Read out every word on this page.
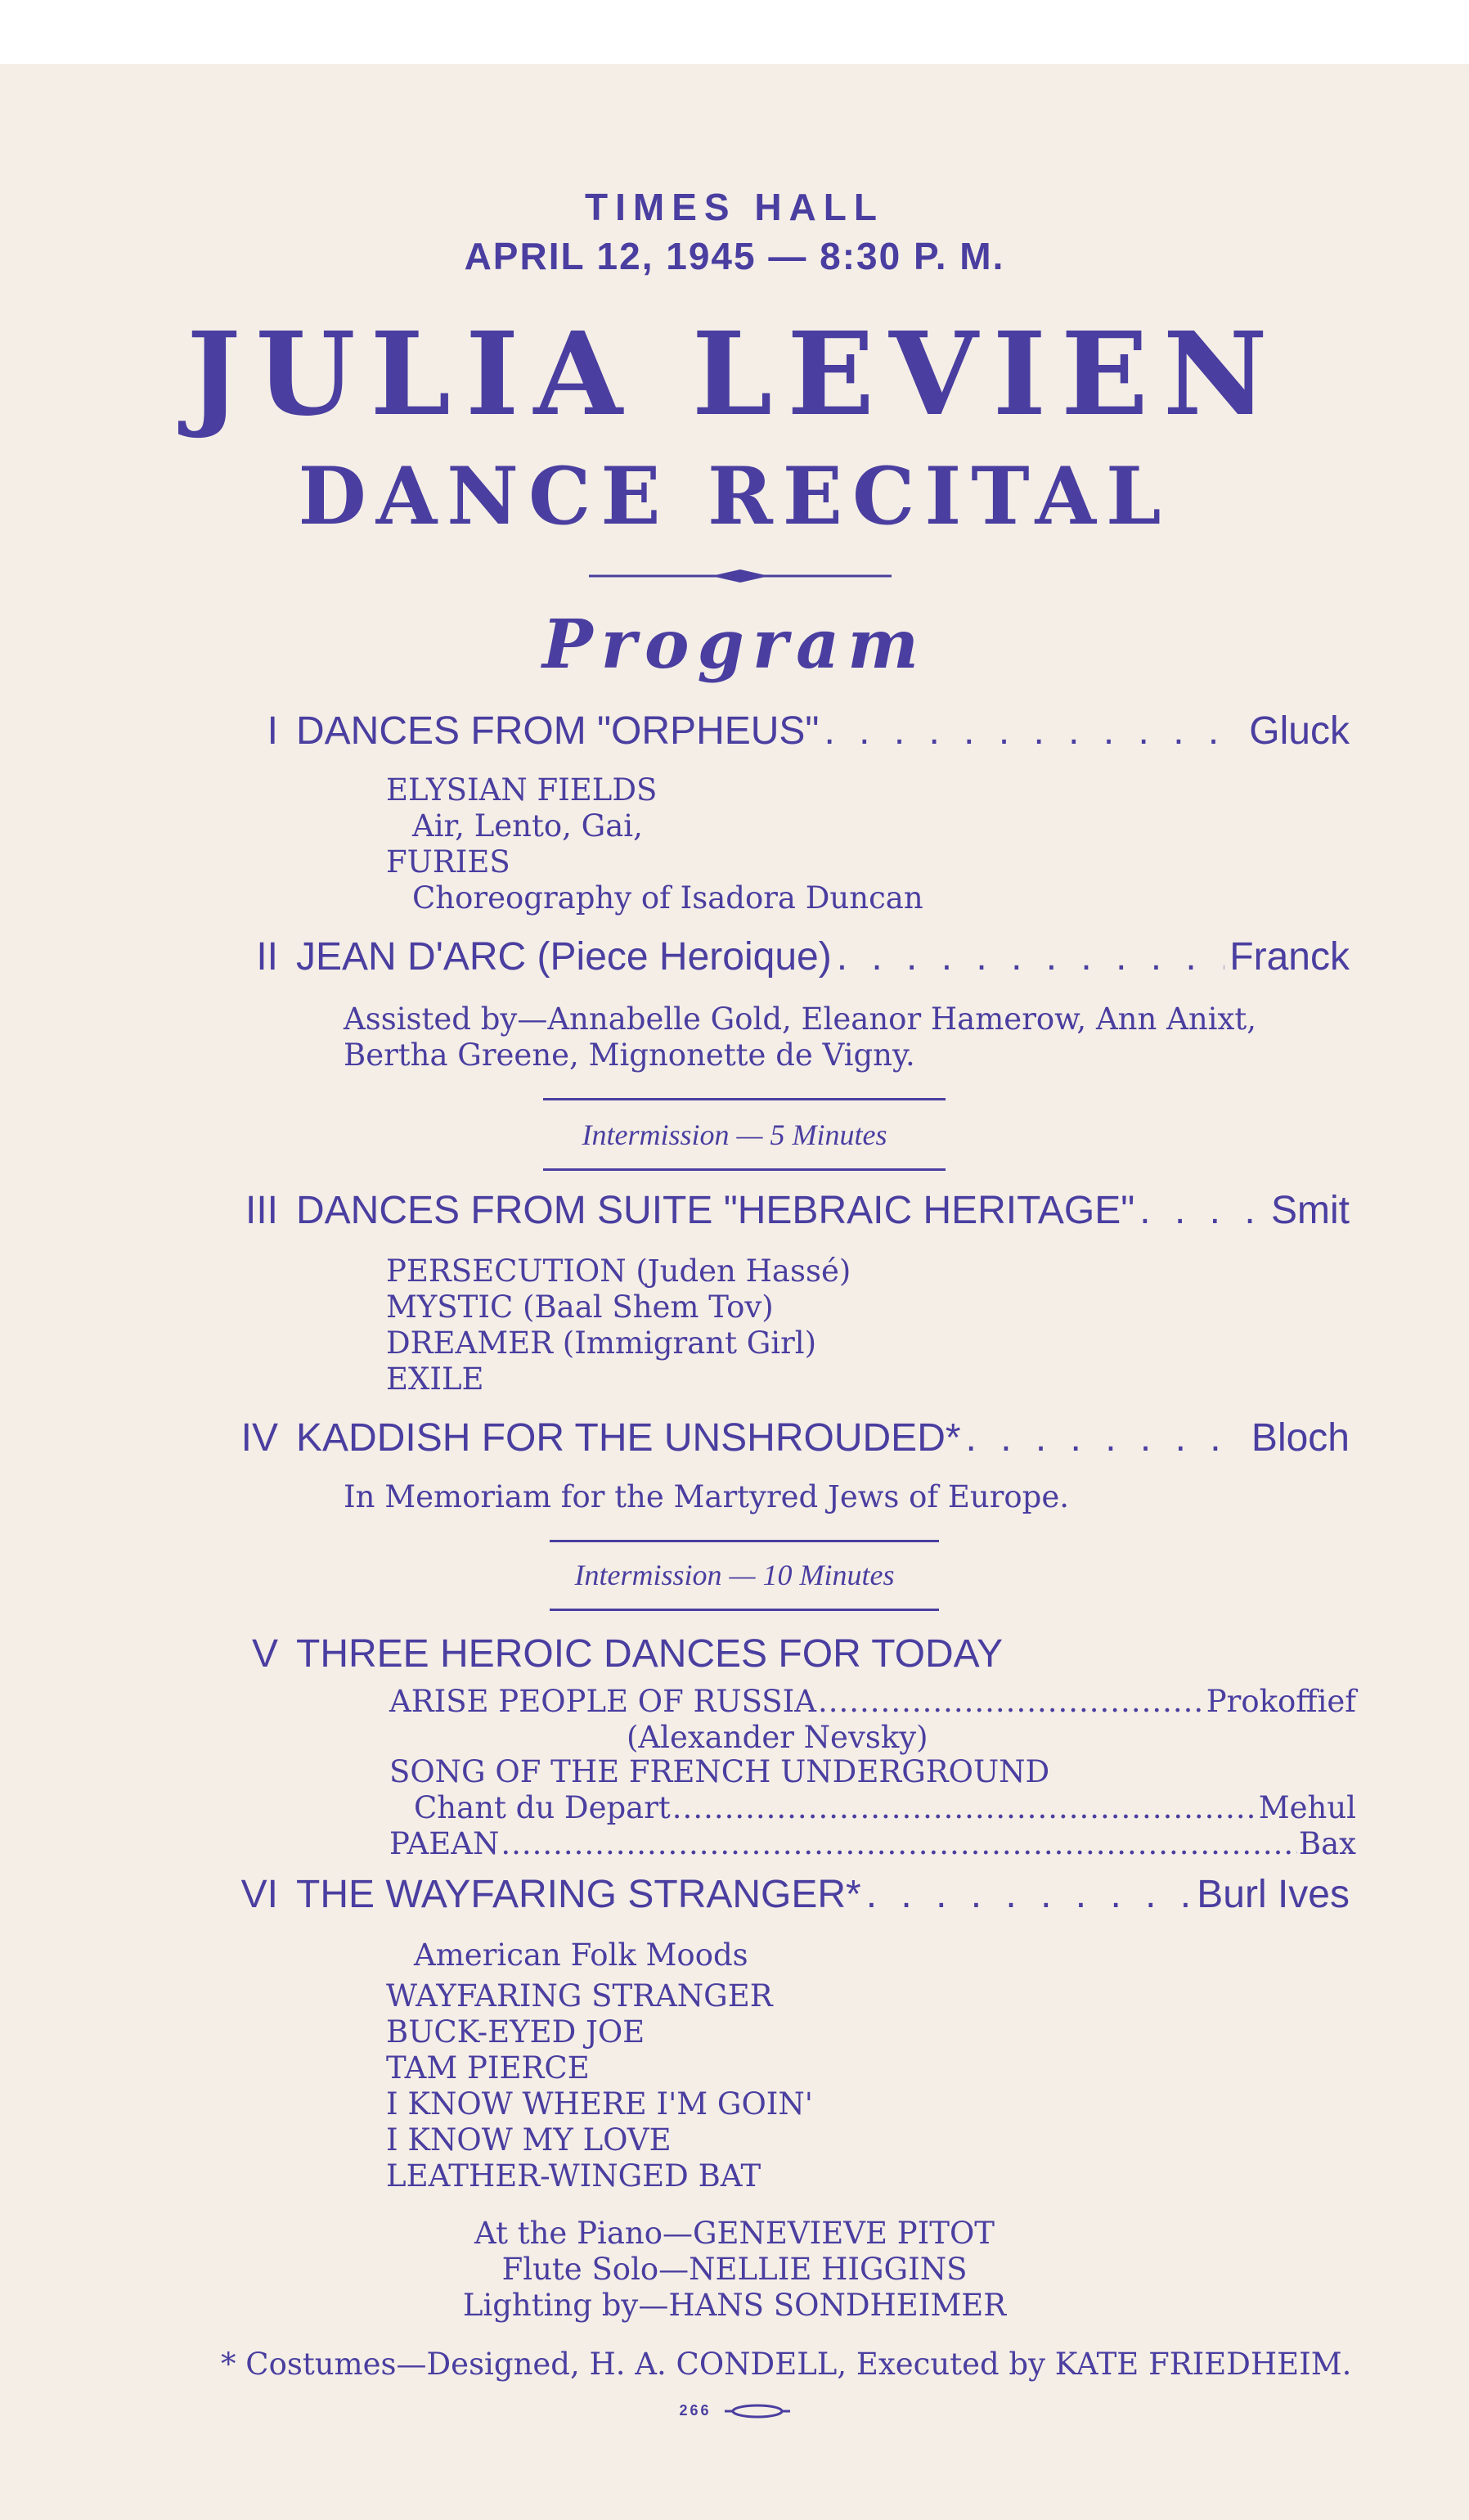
TIMES HALL
APRIL 12, 1945 — 8:30 P. M.
JULIA LEVIEN
DANCE RECITAL
Program
I DANCES FROM "ORPHEUS" . . .	Gluck
ELYSIAN FIELDS
Air, Lento, Gai,
FURIES
Choreography of Isadora Duncan
II JEAN D'ARC (Piece Heroique) . . .	Franck
Assisted by—Annabelle Gold, Eleanor Hamerow, Ann Anixt,
Bertha Greene, Mignonette de Vigny.
Intermission — 5 Minutes
III DANCES FROM SUITE "HEBRAIC HERITAGE" . . .	Smit
PERSECUTION (Juden Hassé)
MYSTIC (Baal Shem Tov)
DREAMER (Immigrant Girl)
EXILE
IV KADDISH FOR THE UNSHROUDED* . . .	Bloch
In Memoriam for the Martyred Jews of Europe.
Intermission — 10 Minutes
V THREE HEROIC DANCES FOR TODAY
ARISE PEOPLE OF RUSSIA .....	Prokoffief
(Alexander Nevsky)
SONG OF THE FRENCH UNDERGROUND
Chant du Depart .....	Mehul
PAEAN .....	Bax
VI THE WAYFARING STRANGER* . . .	Burl Ives
American Folk Moods
WAYFARING STRANGER
BUCK-EYED JOE
TAM PIERCE
I KNOW WHERE I'M GOIN'
I KNOW MY LOVE
LEATHER-WINGED BAT
At the Piano—GENEVIEVE PITOT
Flute Solo—NELLIE HIGGINS
Lighting by—HANS SONDHEIMER
* Costumes—Designed, H. A. CONDELL, Executed by KATE FRIEDHEIM.
266
